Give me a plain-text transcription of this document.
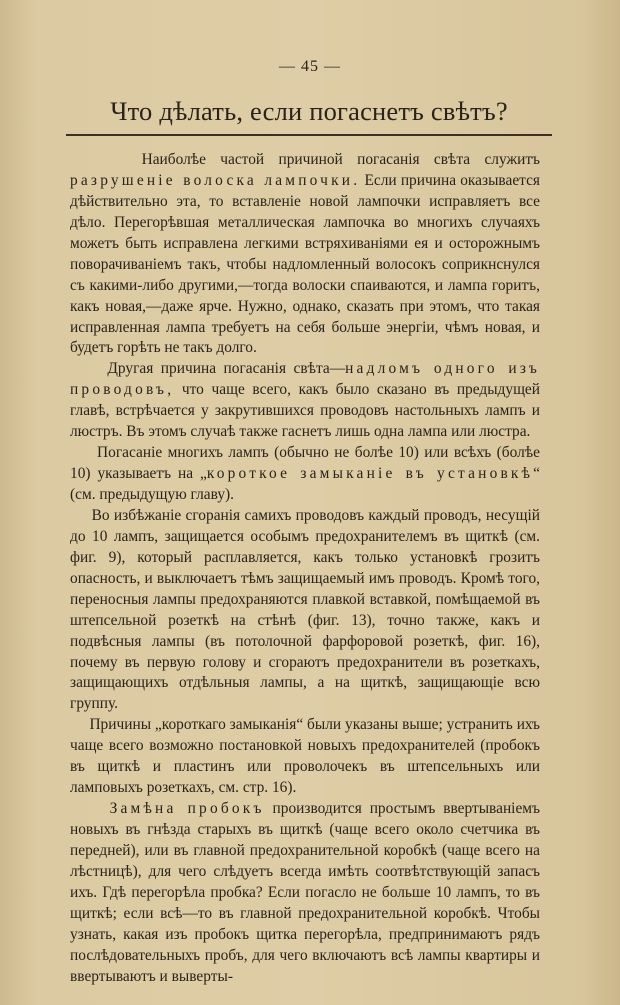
— 45 —
Что дѣлать, если погаснетъ свѣтъ?

Наиболѣе частой причиной погасанія свѣта служитъ разрушеніе волоска лампочки. Если причина оказывается дѣйствительно эта, то вставленіе новой лампочки исправляетъ все дѣло. Перегорѣвшая металлическая лампочка во многихъ случаяхъ можетъ быть исправлена легкими встряхиваніями ея и осторожнымъ поворачиваніемъ такъ, чтобы надломленный волосокъ соприкнснулся съ какими-либо другими,—тогда волоски спаиваются, и лампа горитъ, какъ новая,—даже ярче. Нужно, однако, сказать при этомъ, что такая исправленная лампа требуетъ на себя больше энергіи, чѣмъ новая, и будетъ горѣть не такъ долго.

Другая причина погасанія свѣта—надломъ одного изъ проводовъ, что чаще всего, какъ было сказано въ предыдущей главѣ, встрѣчается у закрутившихся проводовъ настольныхъ лампъ и люстръ. Въ этомъ случаѣ также гаснетъ лишь одна лампа или люстра.

Погасаніе многихъ лампъ (обычно не болѣе 10) или всѣхъ (болѣе 10) указываетъ на „короткое замыканіе въ установкѣ“ (см. предыдущую главу).

Во избѣжаніе сгоранія самихъ проводовъ каждый проводъ, несущій до 10 лампъ, защищается особымъ предохранителемъ въ щиткѣ (см. фиг. 9), который расплавляется, какъ только установкѣ грозитъ опасность, и выключаетъ тѣмъ защищаемый имъ проводъ. Кромѣ того, переносныя лампы предохраняются плавкой вставкой, помѣщаемой въ штепсельной розеткѣ на стѣнѣ (фиг. 13), точно также, какъ и подвѣсныя лампы (въ потолочной фарфоровой розеткѣ, фиг. 16), почему въ первую голову и сгораютъ предохранители въ розеткахъ, защищающихъ отдѣльныя лампы, а на щиткѣ, защищающіе всю группу.

Причины „короткаго замыканія“ были указаны выше; устранить ихъ чаще всего возможно постановкой новыхъ предохранителей (пробокъ въ щиткѣ и пластинъ или проволочекъ въ штепсельныхъ или ламповыхъ розеткахъ, см. стр. 16).

Замѣна пробокъ производится простымъ ввертываніемъ новыхъ въ гнѣзда старыхъ въ щиткѣ (чаще всего около счетчика въ передней), или въ главной предохранительной коробкѣ (чаще всего на лѣстницѣ), для чего слѣдуетъ всегда имѣть соотвѣтствующій запасъ ихъ. Гдѣ перегорѣла пробка? Если погасло не больше 10 лампъ, то въ щиткѣ; если всѣ—то въ главной предохранительной коробкѣ. Чтобы узнать, какая изъ пробокъ щитка перегорѣла, предпринимаютъ рядъ послѣдовательныхъ пробъ, для чего включаютъ всѣ лампы квартиры и ввертываютъ и выверты-
